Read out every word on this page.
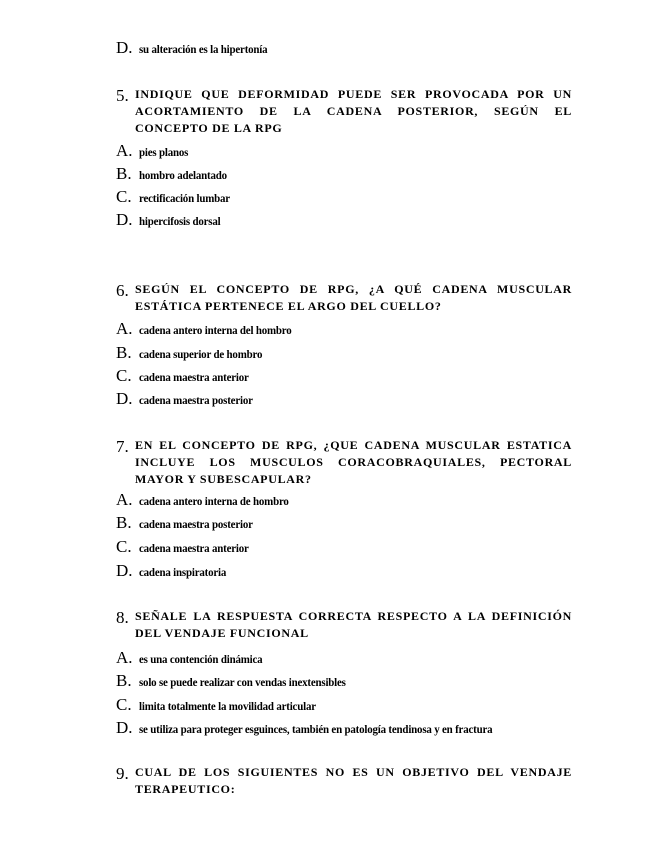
D. su alteración es la hipertonía
5. INDIQUE QUE DEFORMIDAD PUEDE SER PROVOCADA POR UN ACORTAMIENTO DE LA CADENA POSTERIOR, SEGÚN EL CONCEPTO DE LA RPG
A. pies planos
B. hombro adelantado
C. rectificación lumbar
D. hipercifosis dorsal
6. SEGÚN EL CONCEPTO DE RPG, ¿A QUÉ CADENA MUSCULAR ESTÁTICA PERTENECE EL ARGO DEL CUELLO?
A. cadena antero interna del hombro
B. cadena superior de hombro
C. cadena maestra anterior
D. cadena maestra posterior
7. EN EL CONCEPTO DE RPG, ¿QUE CADENA MUSCULAR ESTATICA INCLUYE LOS MUSCULOS CORACOBRAQUIALES, PECTORAL MAYOR Y SUBESCAPULAR?
A. cadena antero interna de hombro
B. cadena maestra posterior
C. cadena maestra anterior
D. cadena inspiratoria
8. SEÑALE LA RESPUESTA CORRECTA RESPECTO A LA DEFINICIÓN DEL VENDAJE FUNCIONAL
A. es una contención dinámica
B. solo se puede realizar con vendas inextensibles
C. limita totalmente la movilidad articular
D. se utiliza para proteger esguinces, también en patología tendinosa y en fractura
9. CUAL DE LOS SIGUIENTES NO ES UN OBJETIVO DEL VENDAJE TERAPEUTICO:
